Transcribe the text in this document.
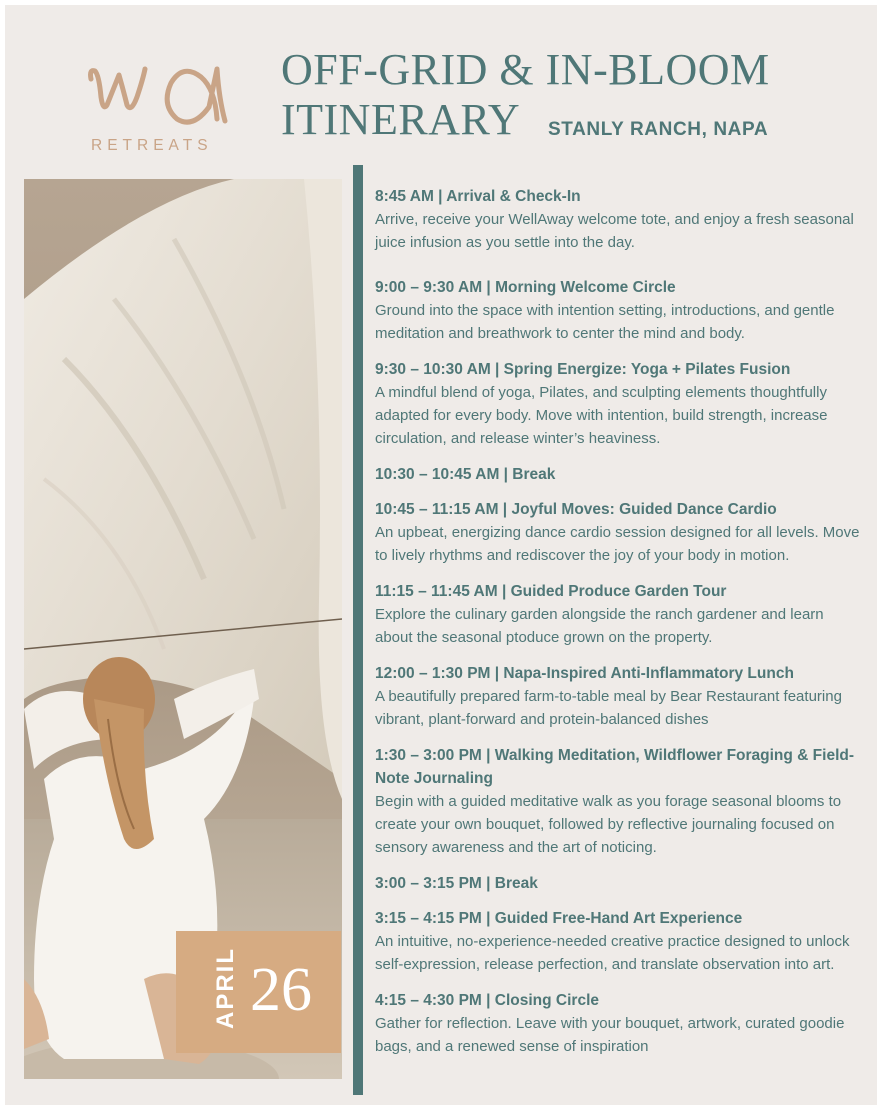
RETREATS
OFF-GRID & IN-BLOOM
ITINERARY	STANLY RANCH, NAPA
APRIL 26
8:45 AM | Arrival & Check-In
Arrive, receive your WellAway welcome tote, and enjoy a fresh seasonal juice infusion as you settle into the day.
9:00 – 9:30 AM | Morning Welcome Circle
Ground into the space with intention setting, introductions, and gentle meditation and breathwork to center the mind and body.
9:30 – 10:30 AM | Spring Energize: Yoga + Pilates Fusion
A mindful blend of yoga, Pilates, and sculpting elements thoughtfully adapted for every body. Move with intention, build strength, increase circulation, and release winter’s heaviness.
10:30 – 10:45 AM | Break
10:45 – 11:15 AM | Joyful Moves: Guided Dance Cardio
An upbeat, energizing dance cardio session designed for all levels. Move to lively rhythms and rediscover the joy of your body in motion.
11:15 – 11:45 AM | Guided Produce Garden Tour
Explore the culinary garden alongside the ranch gardener and learn about the seasonal ptoduce grown on the property.
12:00 – 1:30 PM | Napa-Inspired Anti-Inflammatory Lunch
A beautifully prepared farm-to-table meal by Bear Restaurant featuring vibrant, plant-forward and protein-balanced dishes
1:30 – 3:00 PM | Walking Meditation, Wildflower Foraging & Field-Note Journaling
Begin with a guided meditative walk as you forage seasonal blooms to create your own bouquet, followed by reflective journaling focused on sensory awareness and the art of noticing.
3:00 – 3:15 PM | Break
3:15 – 4:15 PM | Guided Free-Hand Art Experience
An intuitive, no-experience-needed creative practice designed to unlock self-expression, release perfection, and translate observation into art.
4:15 – 4:30 PM | Closing Circle
Gather for reflection. Leave with your bouquet, artwork, curated goodie bags, and a renewed sense of inspiration
